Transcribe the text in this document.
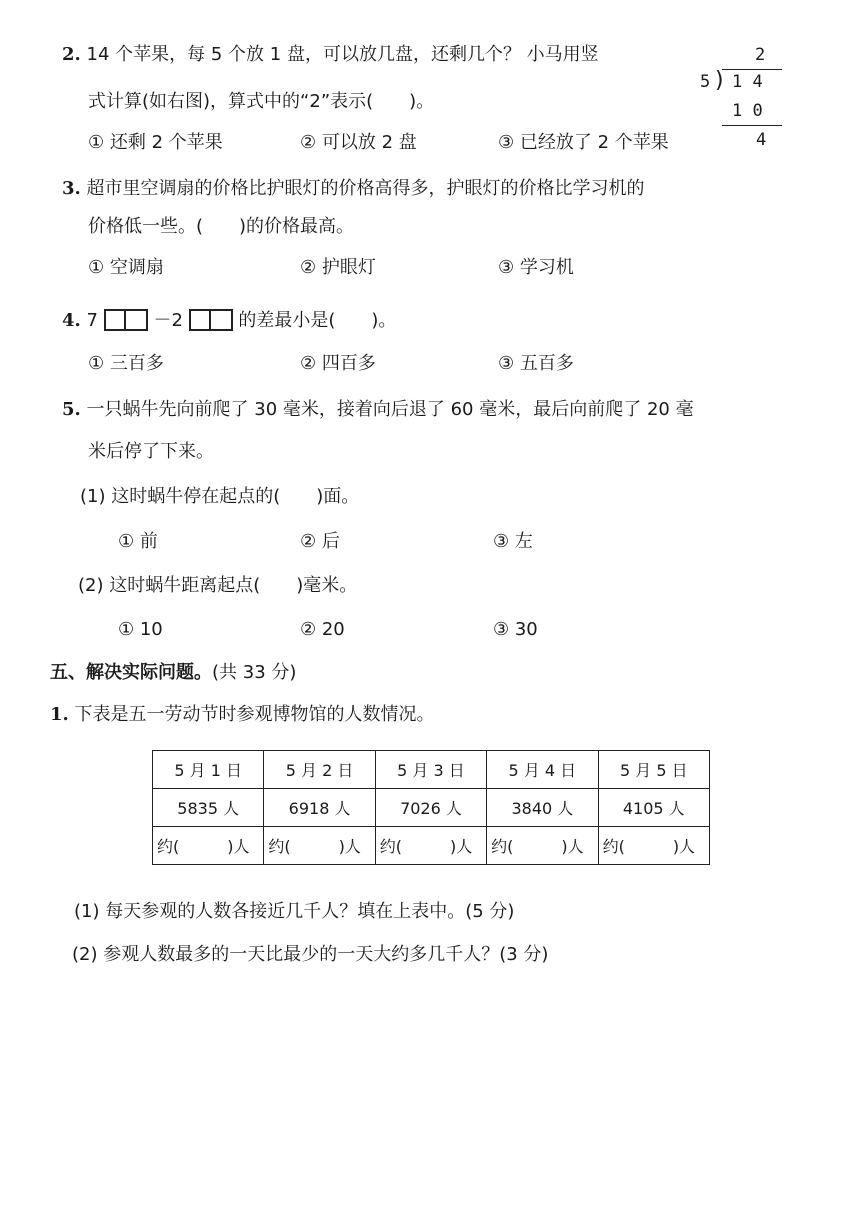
2. 14 个苹果，每 5 个放 1 盘，可以放几盘，还剩几个？ 小马用竖
式计算(如右图)，算式中的“2”表示(　　)。
① 还剩 2 个苹果	② 可以放 2 盘	③ 已经放了 2 个苹果
2
5 ) 1 4
1 0
4
3. 超市里空调扇的价格比护眼灯的价格高得多，护眼灯的价格比学习机的
价格低一些。(　　)的价格最高。
① 空调扇	② 护眼灯	③ 学习机
4. 7	－2	的差最小是(　　)。
① 三百多	② 四百多	③ 五百多
5. 一只蜗牛先向前爬了 30 毫米，接着向后退了 60 毫米，最后向前爬了 20 毫
米后停了下来。
(1) 这时蜗牛停在起点的(　　)面。
① 前	② 后	③ 左
(2) 这时蜗牛距离起点(　　)毫米。
① 10	② 20	③ 30
五、解决实际问题。(共 33 分)
1. 下表是五一劳动节时参观博物馆的人数情况。
5 月 1 日	5 月 2 日	5 月 3 日	5 月 4 日	5 月 5 日
5835 人	6918 人	7026 人	3840 人	4105 人
约( )人	约( )人	约( )人	约( )人	约( )人
(1) 每天参观的人数各接近几千人？填在上表中。(5 分)
(2) 参观人数最多的一天比最少的一天大约多几千人？(3 分)
